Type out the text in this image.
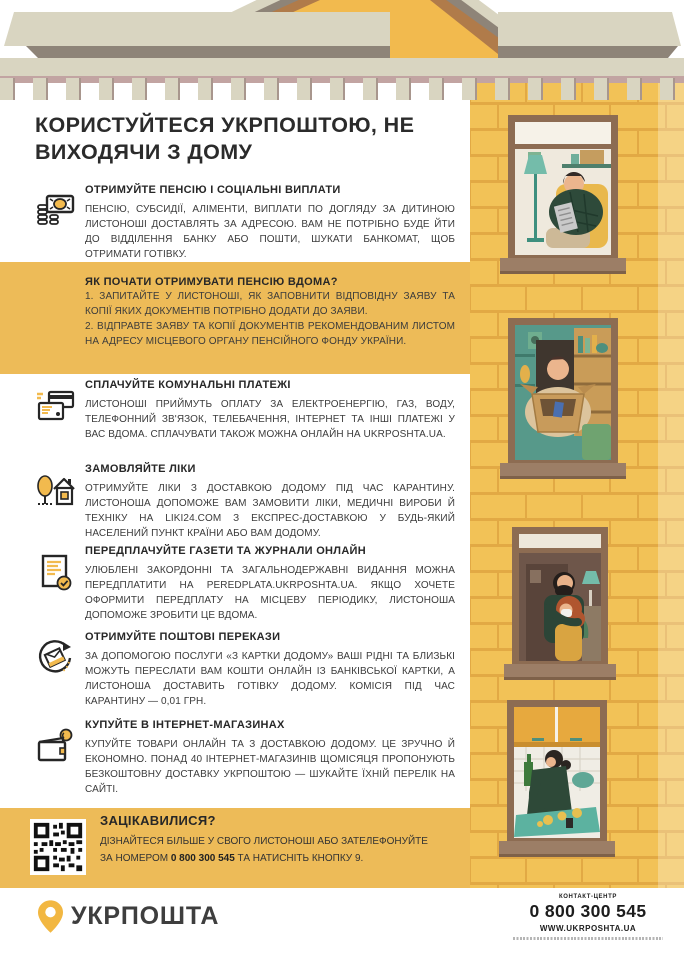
КОРИСТУЙТЕСЯ УКРПОШТОЮ, НЕ ВИХОДЯЧИ З ДОМУ
ОТРИМУЙТЕ ПЕНСІЮ І СОЦІАЛЬНІ ВИПЛАТИ
ПЕНСІЮ, СУБСИДІЇ, АЛІМЕНТИ, ВИПЛАТИ ПО ДОГЛЯДУ ЗА ДИТИНОЮ ЛИСТОНОШІ ДОСТАВЛЯТЬ ЗА АДРЕСОЮ. ВАМ НЕ ПОТРІБНО БУДЕ ЙТИ ДО ВІДДІЛЕННЯ БАНКУ АБО ПОШТИ, ШУКАТИ БАНКОМАТ, ЩОБ ОТРИМАТИ ГОТІВКУ.
ЯК ПОЧАТИ ОТРИМУВАТИ ПЕНСІЮ ВДОМА?
1. ЗАПИТАЙТЕ У ЛИСТОНОШІ, ЯК ЗАПОВНИТИ ВІДПОВІДНУ ЗАЯВУ ТА КОПІЇ ЯКИХ ДОКУМЕНТІВ ПОТРІБНО ДОДАТИ ДО ЗАЯВИ.
2. ВІДПРАВТЕ ЗАЯВУ ТА КОПІЇ ДОКУМЕНТІВ РЕКОМЕНДОВАНИМ ЛИСТОМ НА АДРЕСУ МІСЦЕВОГО ОРГАНУ ПЕНСІЙНОГО ФОНДУ УКРАЇНИ.
СПЛАЧУЙТЕ КОМУНАЛЬНІ ПЛАТЕЖІ
ЛИСТОНОШІ ПРИЙМУТЬ ОПЛАТУ ЗА ЕЛЕКТРОЕНЕРГІЮ, ГАЗ, ВОДУ, ТЕЛЕФОННИЙ ЗВ'ЯЗОК, ТЕЛЕБАЧЕННЯ, ІНТЕРНЕТ ТА ІНШІ ПЛАТЕЖІ У ВАС ВДОМА. СПЛАЧУВАТИ ТАКОЖ МОЖНА ОНЛАЙН НА UKRPOSHTA.UA.
ЗАМОВЛЯЙТЕ ЛІКИ
ОТРИМУЙТЕ ЛІКИ З ДОСТАВКОЮ ДОДОМУ ПІД ЧАС КАРАНТИНУ. ЛИСТОНОША ДОПОМОЖЕ ВАМ ЗАМОВИТИ ЛІКИ, МЕДИЧНІ ВИРОБИ Й ТЕХНІКУ НА LIKI24.COM З ЕКСПРЕС-ДОСТАВКОЮ У БУДЬ-ЯКИЙ НАСЕЛЕНИЙ ПУНКТ КРАЇНИ АБО ВАМ ДОДОМУ.
ПЕРЕДПЛАЧУЙТЕ ГАЗЕТИ ТА ЖУРНАЛИ ОНЛАЙН
УЛЮБЛЕНІ ЗАКОРДОННІ ТА ЗАГАЛЬНОДЕРЖАВНІ ВИДАННЯ МОЖНА ПЕРЕДПЛАТИТИ НА PEREDPLATA.UKRPOSHTA.UA. ЯКЩО ХОЧЕТЕ ОФОРМИТИ ПЕРЕДПЛАТУ НА МІСЦЕВУ ПЕРІОДИКУ, ЛИСТОНОША ДОПОМОЖЕ ЗРОБИТИ ЦЕ ВДОМА.
ОТРИМУЙТЕ ПОШТОВІ ПЕРЕКАЗИ
ЗА ДОПОМОГОЮ ПОСЛУГИ «З КАРТКИ ДОДОМУ» ВАШІ РІДНІ ТА БЛИЗЬКІ МОЖУТЬ ПЕРЕСЛАТИ ВАМ КОШТИ ОНЛАЙН ІЗ БАНКІВСЬКОЇ КАРТКИ, А ЛИСТОНОША ДОСТАВИТЬ ГОТІВКУ ДОДОМУ. КОМІСІЯ ПІД ЧАС КАРАНТИНУ — 0,01 ГРН.
КУПУЙТЕ В ІНТЕРНЕТ-МАГАЗИНАХ
КУПУЙТЕ ТОВАРИ ОНЛАЙН ТА З ДОСТАВКОЮ ДОДОМУ. ЦЕ ЗРУЧНО Й ЕКОНОМНО. ПОНАД 40 ІНТЕРНЕТ-МАГАЗИНІВ ЩОМІСЯЦЯ ПРОПОНУЮТЬ БЕЗКОШТОВНУ ДОСТАВКУ УКРПОШТОЮ — ШУКАЙТЕ ЇХНІЙ ПЕРЕЛІК НА САЙТІ.
ЗАЦІКАВИЛИСЯ?
ДІЗНАЙТЕСЯ БІЛЬШЕ У СВОГО ЛИСТОНОШІ АБО ЗАТЕЛЕФОНУЙТЕ
ЗА НОМЕРОМ 0 800 300 545 ТА НАТИСНІТЬ КНОПКУ 9.
УКРПОШТА
КОНТАКТ-ЦЕНТР
0 800 300 545
WWW.UKRPOSHTA.UA
